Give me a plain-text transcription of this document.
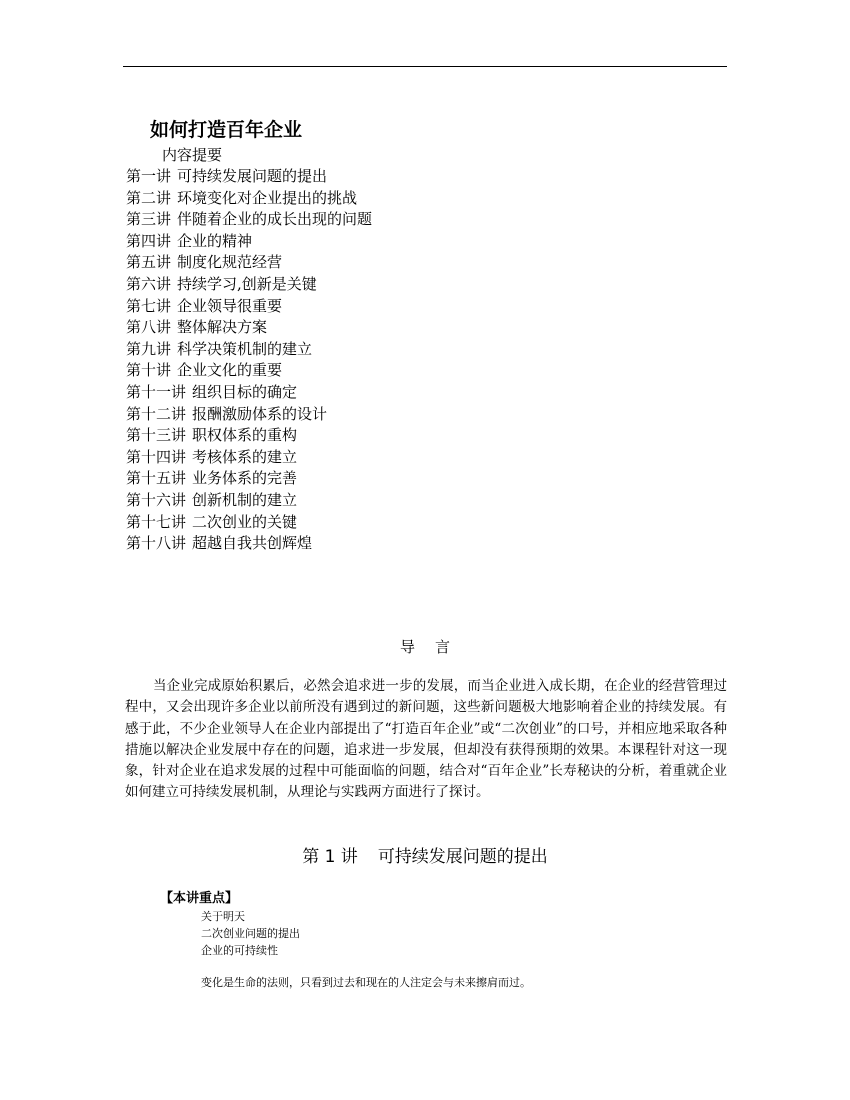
如何打造百年企业
内容提要
第一讲 可持续发展问题的提出
第二讲 环境变化对企业提出的挑战
第三讲 伴随着企业的成长出现的问题
第四讲 企业的精神
第五讲 制度化规范经营
第六讲 持续学习,创新是关键
第七讲 企业领导很重要
第八讲 整体解决方案
第九讲 科学决策机制的建立
第十讲 企业文化的重要
第十一讲 组织目标的确定
第十二讲 报酬激励体系的设计
第十三讲 职权体系的重构
第十四讲 考核体系的建立
第十五讲 业务体系的完善
第十六讲 创新机制的建立
第十七讲 二次创业的关键
第十八讲 超越自我共创辉煌
导言

当企业完成原始积累后，必然会追求进一步的发展，而当企业进入成长期，在企业的经营管理过程中，又会出现许多企业以前所没有遇到过的新问题，这些新问题极大地影响着企业的持续发展。有感于此，不少企业领导人在企业内部提出了“打造百年企业”或“二次创业”的口号，并相应地采取各种措施以解决企业发展中存在的问题，追求进一步发展，但却没有获得预期的效果。本课程针对这一现象，针对企业在追求发展的过程中可能面临的问题，结合对“百年企业”长寿秘诀的分析，着重就企业如何建立可持续发展机制，从理论与实践两方面进行了探讨。

第 1 讲 可持续发展问题的提出
【本讲重点】
关于明天
二次创业问题的提出
企业的可持续性
变化是生命的法则，只看到过去和现在的人注定会与未来擦肩而过。
